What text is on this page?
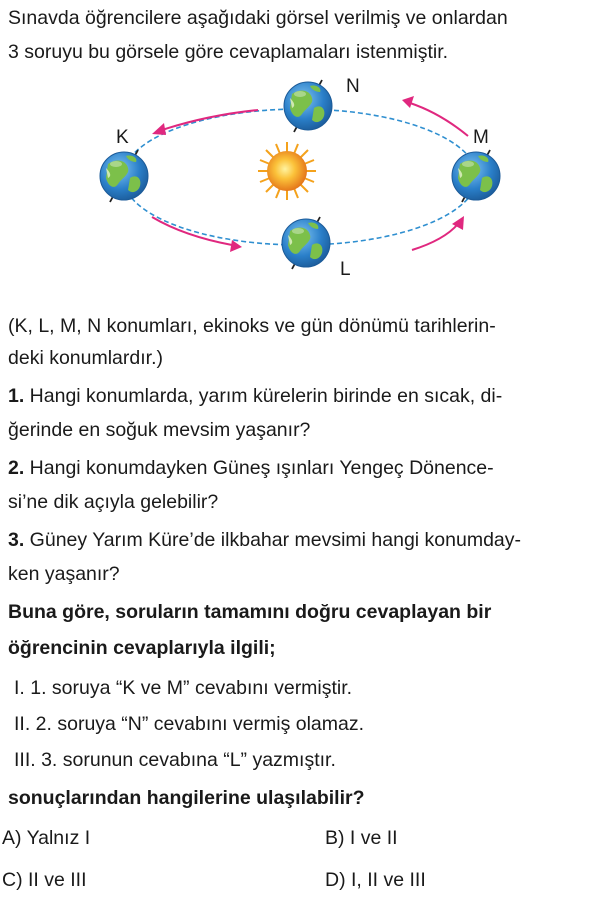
Sınavda öğrencilere aşağıdaki görsel verilmiş ve onlardan
3 soruyu bu görsele göre cevaplamaları istenmiştir.
N
K	M
L
(K, L, M, N konumları, ekinoks ve gün dönümü tarihlerin-
deki konumlardır.)
1. Hangi konumlarda, yarım kürelerin birinde en sıcak, di-
ğerinde en soğuk mevsim yaşanır?
2. Hangi konumdayken Güneş ışınları Yengeç Dönence-
si’ne dik açıyla gelebilir?
3. Güney Yarım Küre’de ilkbahar mevsimi hangi konumday-
ken yaşanır?
Buna göre, soruların tamamını doğru cevaplayan bir
öğrencinin cevaplarıyla ilgili;
I. 1. soruya “K ve M” cevabını vermiştir.
II. 2. soruya “N” cevabını vermiş olamaz.
III. 3. sorunun cevabına “L” yazmıştır.
sonuçlarından hangilerine ulaşılabilir?
A) Yalnız I	B) I ve II
C) II ve III	D) I, II ve III
